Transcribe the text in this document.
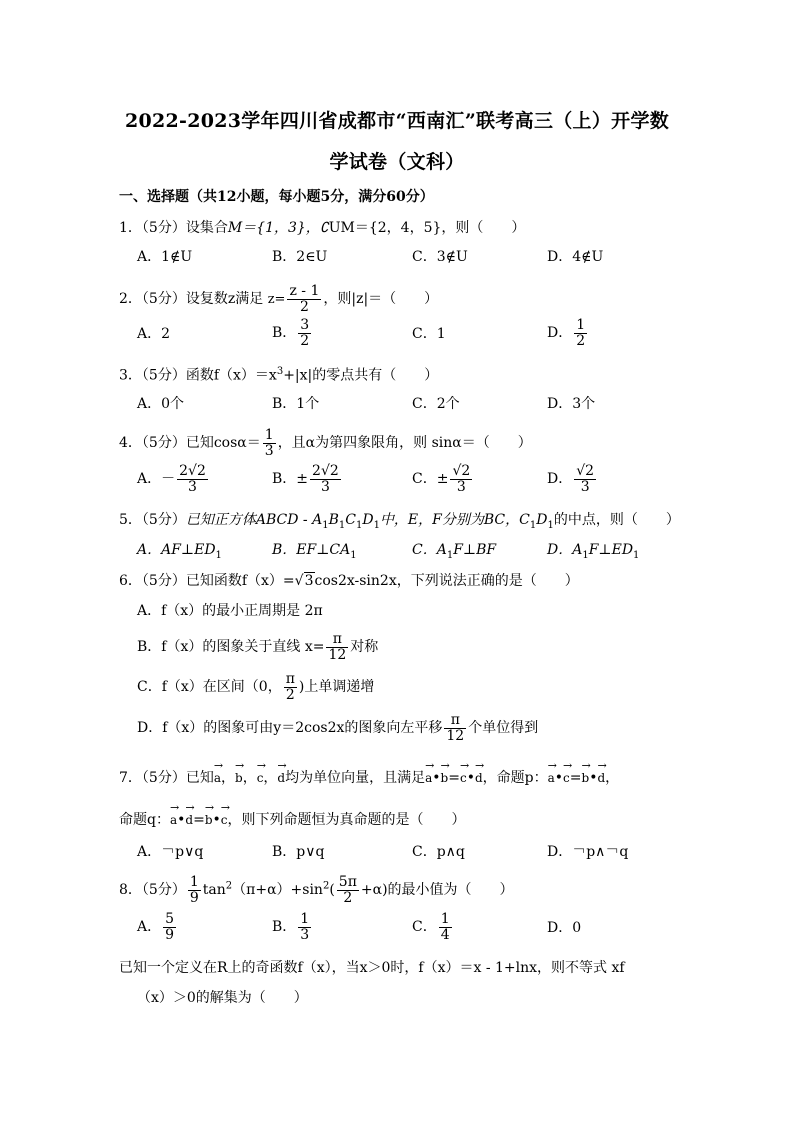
2022-2023学年四川省成都市“西南汇”联考高三（上）开学数
学试卷（文科）
一、选择题（共12小题，每小题5分，满分60分）
1．（5分）设集合M＝{1，3}，∁UM＝{2，4，5}，则（　　）
A．1∉U	B．2∈U	C．3∉U	D．4∉U
2．（5分）设复数z满足 $z= \frac{z - 1}{2}$ ，则|z|＝（　　）
A．2	B． $\frac{3}{2}$	C．1	D． $\frac{1}{2}$
3．（5分）函数$f(x)=x^3+|x|$的零点共有（　　）
A．0个	B．1个	C．2个	D．3个
4．（5分）已知$\cos\alpha= \frac{1}{3}$ ，且α为第四象限角，则 sinα＝（　　）
A．－ $\frac{2√2}{3}$	B．± $\frac{2√2}{3}$	C．± $\frac{√2}{3}$	D． $\frac{√2}{3}$
5．（5分）已知正方体ABCD - $A_1B_1C_1D_1$中，E，F分别为BC，$C_1D_1$的中点，则（　　）
A．$AF\perp ED_1$	B．$EF\perp CA_1$	C．$A_1F\perp BF$	D．$A_1F\perp ED_1$
6．（5分）已知函数f（x）=√3cos2x-sin2x，下列说法正确的是（　　）
A．f（x）的最小正周期是 2π
B．f（x）的图象关于直线 $x= \frac{\pi}{12}$ 对称
C．f（x）在区间（0， $\frac{\pi}{2}$ )上单调递增
D．f（x）的图象可由y＝2cos2x的图象向左平移 $\frac{\pi}{12}$ 个单位得到
7．（5分）已知→ a，→ b，→ c，→ d均为单位向量，且满足→ a•→ b=→ c•→ d，命题p：→ a•→ c=→ b•→ d，
命题q：→ a•→ d=→ b•→ c，则下列命题恒为真命题的是（　　）
A．￢p∨q	B．p∨q	C．p∧q	D．￢p∧￢q
8．（5分） $\frac{1}{9} \tan^2(\pi+\alpha)+\sin^2( \frac{5\pi}{2} +\alpha)$的最小值为（　　）
A． $\frac{5}{9}$	B． $\frac{1}{3}$	C． $\frac{1}{4}$	D．0
已知一个定义在R上的奇函数f（x），当x＞0时，f（x）＝x - 1+lnx，则不等式 xf
（x）＞0的解集为（　　）
